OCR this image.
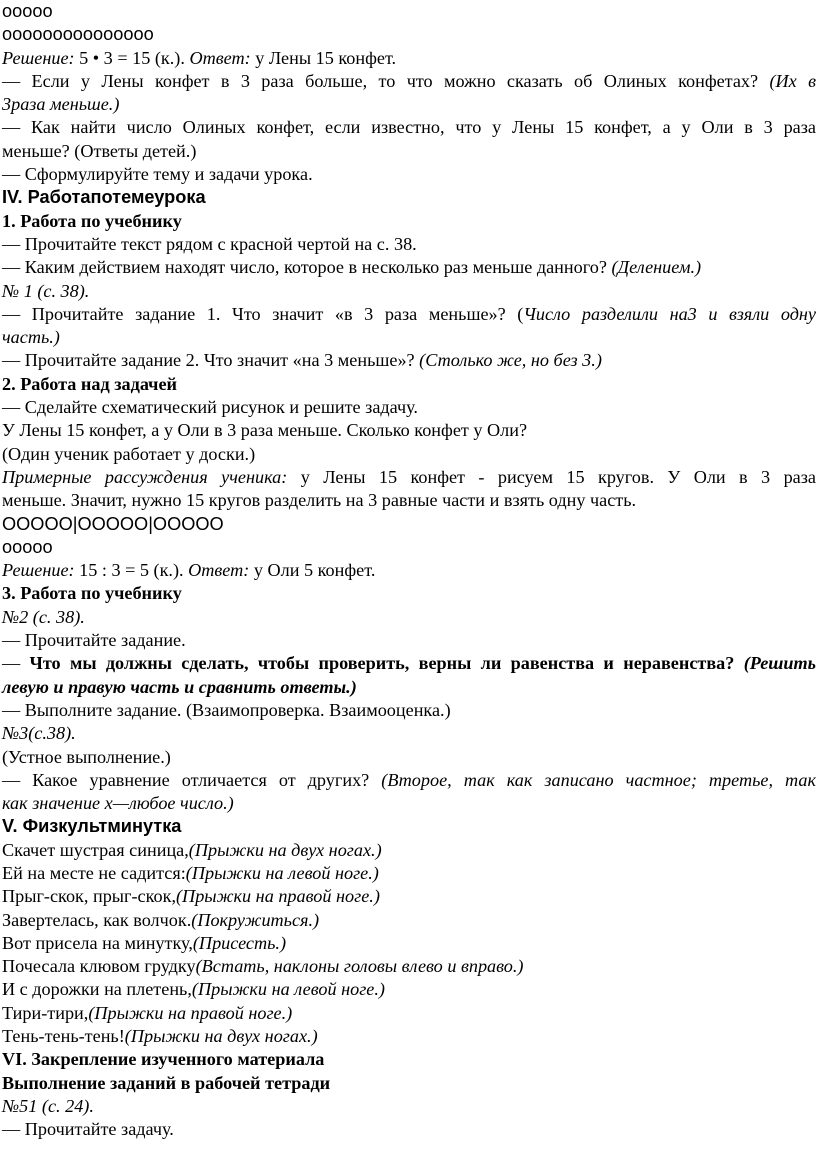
ооооо

ооооооооооооооо

Решение: 5 • 3 = 15 (к.). Ответ: у Лены 15 конфет.

— Если у Лены конфет в 3 раза больше, то что можно сказать об Олиных конфетах? (Их в

3раза меньше.)

— Как найти число Олиных конфет, если известно, что у Лены 15 конфет, а у Оли в 3 раза

меньше? (Ответы детей.)

— Сформулируйте тему и задачи урока.

IV. Работапотемеурока

1. Работа по учебнику

— Прочитайте текст рядом с красной чертой на с. 38.

— Каким действием находят число, которое в несколько раз меньше данного? (Делением.)

№ 1 (с. 38).

— Прочитайте задание 1. Что значит «в 3 раза меньше»? (Число разделили на3 и взяли одну

часть.)

— Прочитайте задание 2. Что значит «на 3 меньше»? (Столько же, но без 3.)

2. Работа над задачей

— Сделайте схематический рисунок и решите задачу.

У Лены 15 конфет, а у Оли в 3 раза меньше. Сколько конфет у Оли?

(Один ученик работает у доски.)

Примерные рассуждения ученика: у Лены 15 конфет - рисуем 15 кругов. У Оли в 3 раза

меньше. Значит, нужно 15 кругов разделить на 3 равные части и взять одну часть.

ООООО|ООООО|ООООО

ооооо

Решение: 15 : 3 = 5 (к.). Ответ: у Оли 5 конфет.

3. Работа по учебнику

№2 (с. 38).

— Прочитайте задание.

— Что мы должны сделать, чтобы проверить, верны ли равенства и неравенства? (Решить

левую и правую часть и сравнить ответы.)

— Выполните задание. (Взаимопроверка. Взаимооценка.)

№3(с.38).

(Устное выполнение.)

— Какое уравнение отличается от других? (Второе, так как записано частное; третье, так

как значение х—любое число.)

V. Физкультминутка

Скачет шустрая синица,(Прыжки на двух ногах.)

Ей на месте не садится:(Прыжки на левой ноге.)

Прыг-скок, прыг-скок,(Прыжки на правой ноге.)

Завертелась, как волчок.(Покружиться.)

Вот присела на минутку,(Присесть.)

Почесала клювом грудку(Встать, наклоны головы влево и вправо.)

И с дорожки на плетень,(Прыжки на левой ноге.)

Тири-тири,(Прыжки на правой ноге.)

Тень-тень-тень!(Прыжки на двух ногах.)

VI. Закрепление изученного материала

Выполнение заданий в рабочей тетради

№51 (с. 24).

— Прочитайте задачу.
